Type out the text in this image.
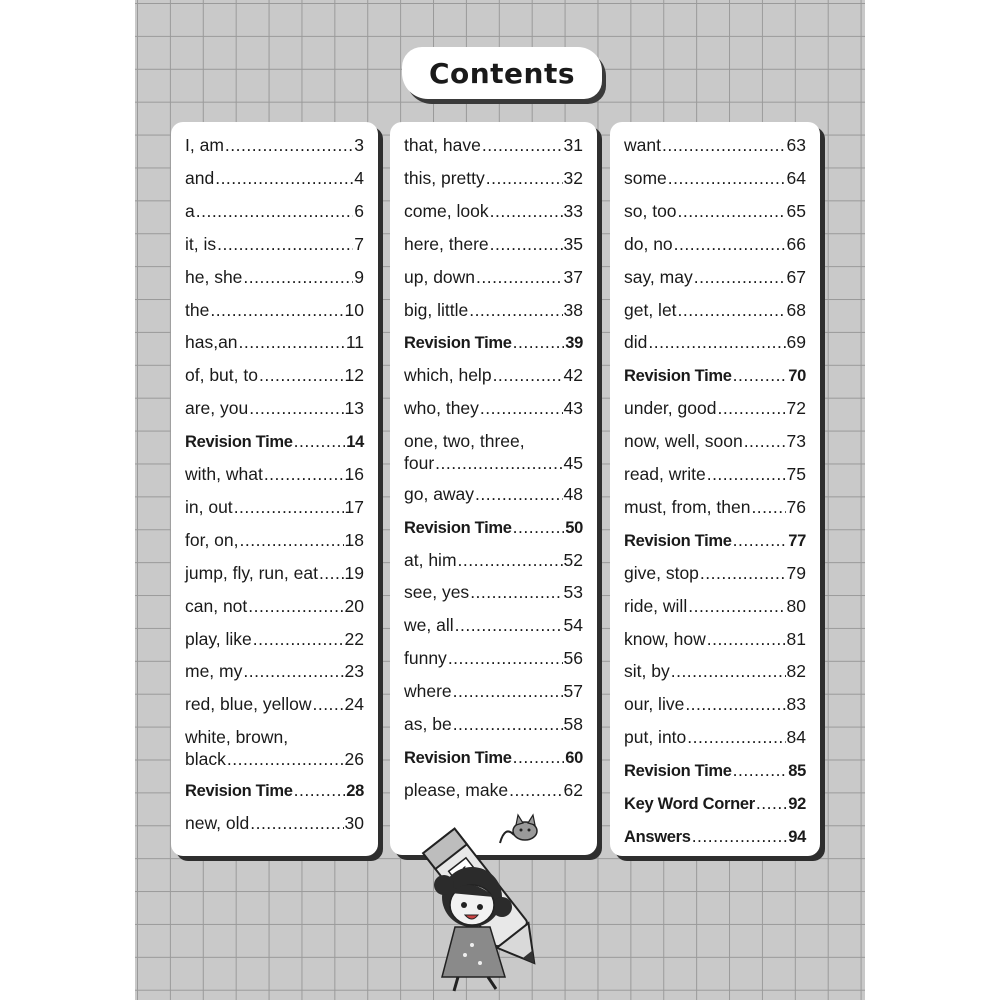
Contents
I, am .....	3
and .....	4
a .....	6
it, is .....	7
he, she .....	9
the .....	10
has,an .....	11
of, but, to .....	12
are, you .....	13
Revision Time .....	14
with, what .....	16
in, out .....	17
for, on, .....	18
jump, fly, run, eat ..... 19
can, not .....	20
play, like .....	22
me, my .....	23
red, blue, yellow ..... 24
white, brown,
black .....	26
Revision Time .....	28
new, old .....	30
that, have .....	31
this, pretty .....	32
come, look .....	33
here, there .....	35
up, down .....	37
big, little .....	38
Revision Time .....	39
which, help .....	42
who, they .....	43
one, two, three,
four .....	45
go, away .....	48
Revision Time .....	50
at, him .....	52
see, yes .....	53
we, all .....	54
funny .....	56
where .....	57
as, be .....	58
Revision Time .....	60
please, make .....	62
want .....	63
some .....	64
so, too .....	65
do, no .....	66
say, may .....	67
get, let .....	68
did .....	69
Revision Time .....	70
under, good .....	72
now, well, soon .....	73
read, write .....	75
must, from, then ..... 76
Revision Time .....	77
give, stop .....	79
ride, will .....	80
know, how .....	81
sit, by .....	82
our, live .....	83
put, into .....	84
Revision Time .....	85
Key Word Corner ..... 92
Answers .....	94
